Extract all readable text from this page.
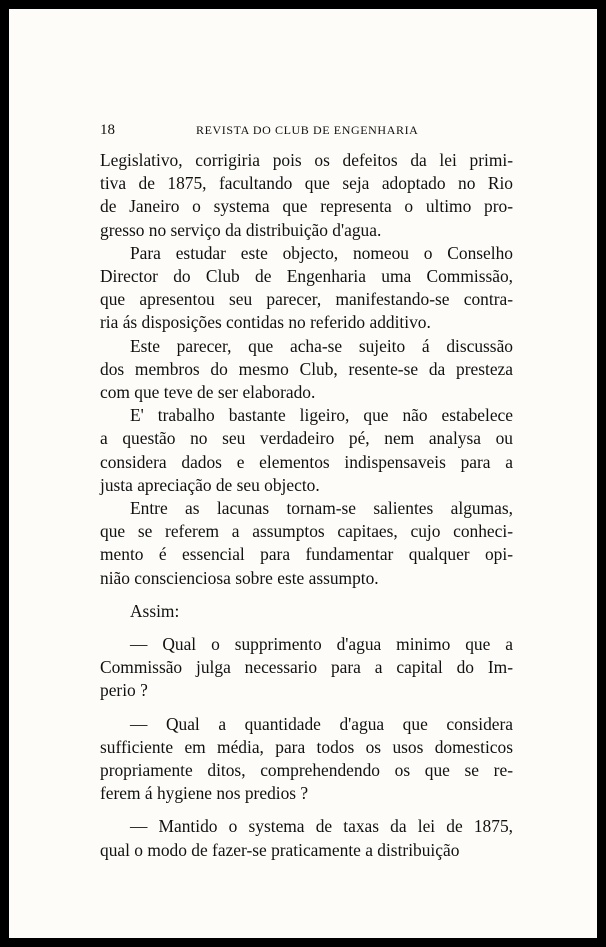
18	REVISTA DO CLUB DE ENGENHARIA
Legislativo, corrigiria pois os defeitos da lei primi-
tiva de 1875, facultando que seja adoptado no Rio
de Janeiro o systema que representa o ultimo pro-
gresso no serviço da distribuição d'agua.
Para estudar este objecto, nomeou o Conselho
Director do Club de Engenharia uma Commissão,
que apresentou seu parecer, manifestando-se contra-
ria ás disposições contidas no referido additivo.
Este parecer, que acha-se sujeito á discussão
dos membros do mesmo Club, resente-se da presteza
com que teve de ser elaborado.
E' trabalho bastante ligeiro, que não estabelece
a questão no seu verdadeiro pé, nem analysa ou
considera dados e elementos indispensaveis para a
justa apreciação de seu objecto.
Entre as lacunas tornam-se salientes algumas,
que se referem a assumptos capitaes, cujo conheci-
mento é essencial para fundamentar qualquer opi-
nião conscienciosa sobre este assumpto.
Assim:
— Qual o supprimento d'agua minimo que a
Commissão julga necessario para a capital do Im-
perio ?
— Qual a quantidade d'agua que considera
sufficiente em média, para todos os usos domesticos
propriamente ditos, comprehendendo os que se re-
ferem á hygiene nos predios ?
— Mantido o systema de taxas da lei de 1875,
qual o modo de fazer-se praticamente a distribuição
